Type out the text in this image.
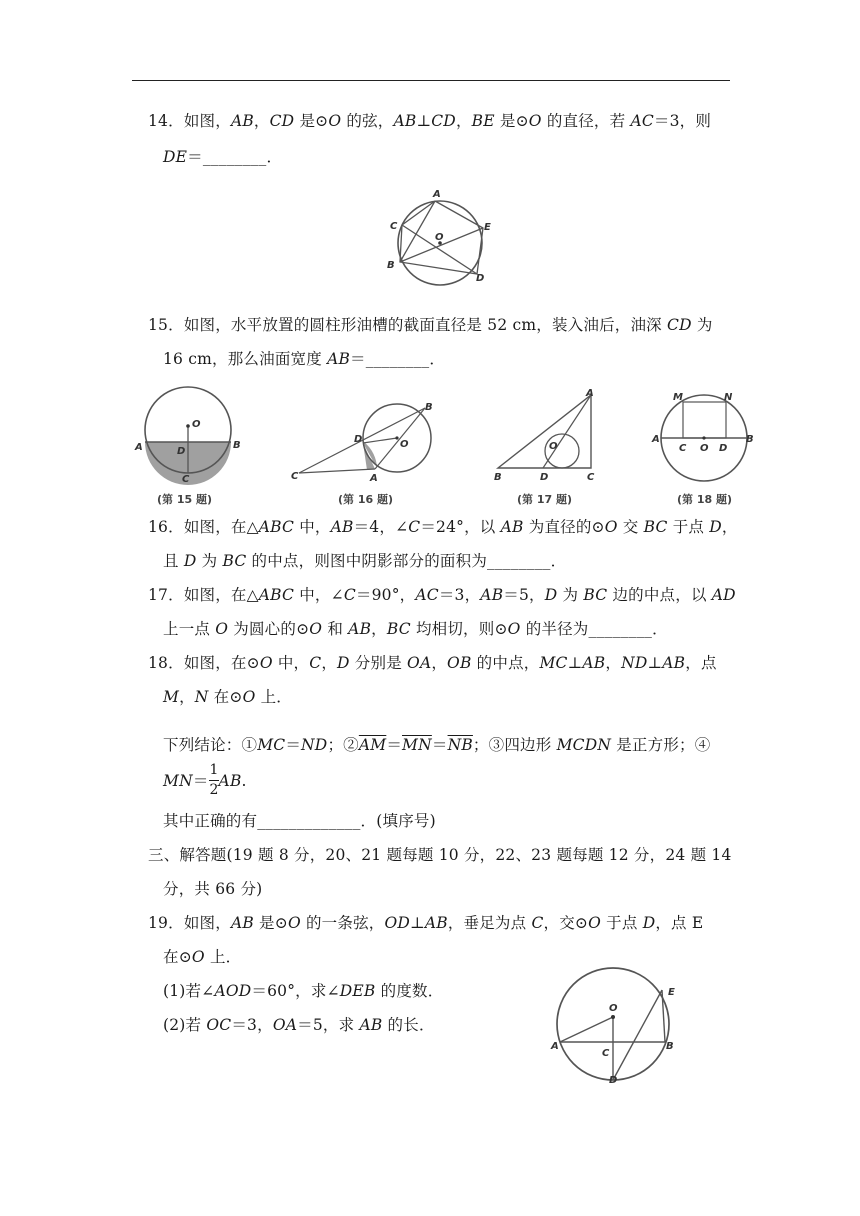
14．如图，AB，CD 是⊙O 的弦，AB⊥CD，BE 是⊙O 的直径，若 AC＝3，则
DE＝________．
A
C
O
E
B
D
15．如图，水平放置的圆柱形油槽的截面直径是 52 cm，装入油后，油深 CD 为
16 cm，那么油面宽度 AB＝________．
O
A	D
B
C
B
D	O
C	A
A
O
B	D	C
M	N
A
C O D
B
(第 15 题)	(第 16 题)	(第 17 题)	(第 18 题)
16．如图，在△ABC 中，AB＝4，∠C＝24°，以 AB 为直径的⊙O 交 BC 于点 D，
且 D 为 BC 的中点，则图中阴影部分的面积为________．
17．如图，在△ABC 中，∠C＝90°，AC＝3，AB＝5，D 为 BC 边的中点，以 AD
上一点 O 为圆心的⊙O 和 AB，BC 均相切，则⊙O 的半径为________．
18．如图，在⊙O 中，C，D 分别是 OA，OB 的中点，MC⊥AB，ND⊥AB，点
M，N 在⊙O 上．
下列结论：①MC＝ND；$②\overline{AM}=\overline{MN}=\overline{NB}$；③四边形 MCDN 是正方形；④
$MN= \frac{1}{2}$ AB.
其中正确的有_____________．(填序号)
三、解答题(19 题 8 分，20、21 题每题 10 分，22、23 题每题 12 分，24 题 14
分，共 66 分)
19．如图，AB 是⊙O 的一条弦，OD⊥AB，垂足为点 C，交⊙O 于点 D，点 E
在⊙O 上．
(1)若∠AOD＝60°，求∠DEB 的度数．
(2)若 OC＝3，OA＝5，求 AB 的长．
O
E
A
C
B
D
